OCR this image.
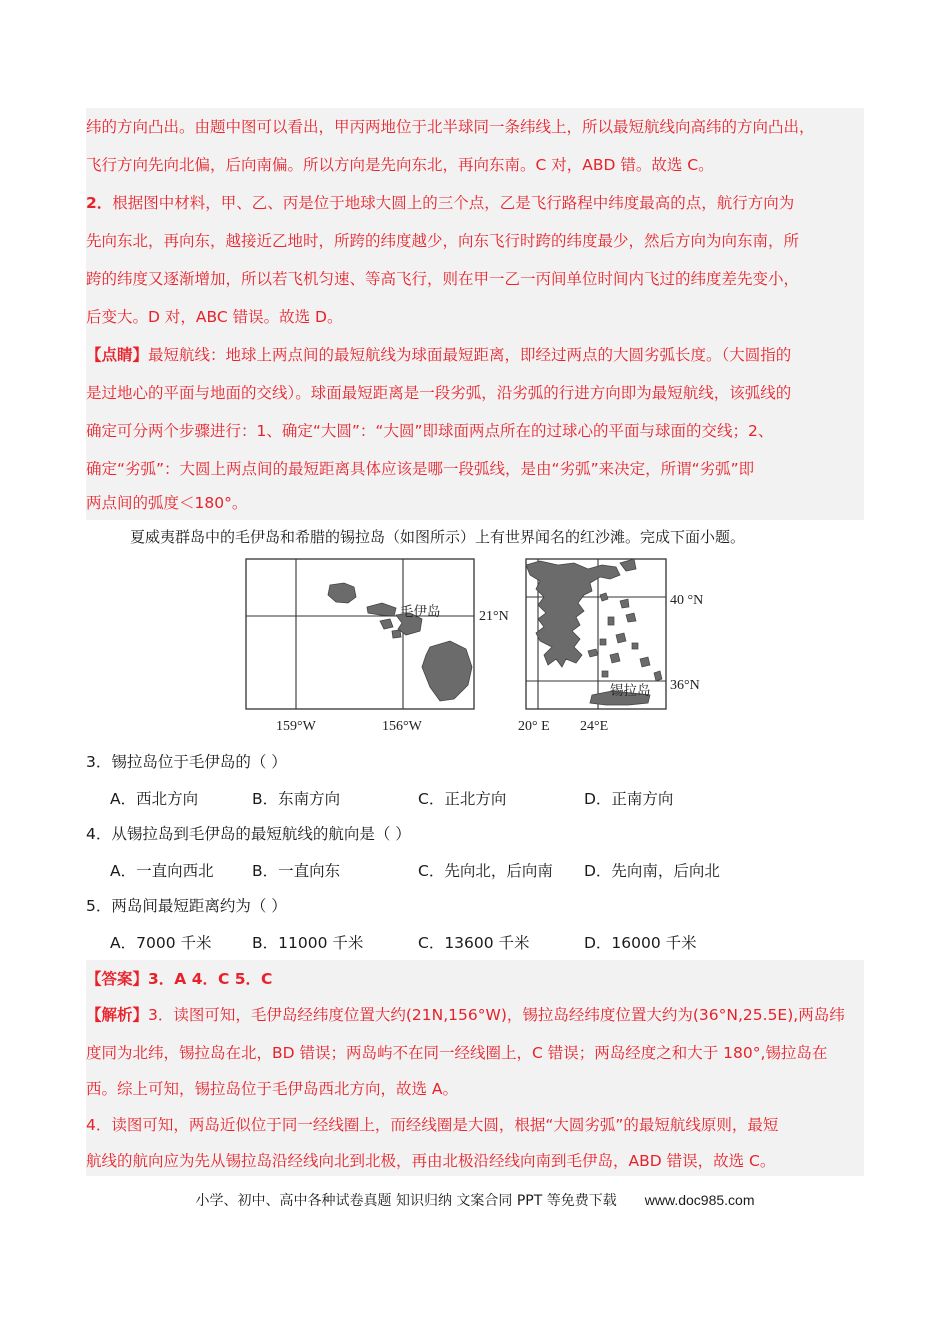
纬的方向凸出。由题中图可以看出，甲丙两地位于北半球同一条纬线上，所以最短航线向高纬的方向凸出，
飞行方向先向北偏，后向南偏。所以方向是先向东北，再向东南。C 对，ABD 错。故选 C。
2．根据图中材料，甲、乙、丙是位于地球大圆上的三个点，乙是飞行路程中纬度最高的点，航行方向为
先向东北，再向东，越接近乙地时，所跨的纬度越少，向东飞行时跨的纬度最少，然后方向为向东南，所
跨的纬度又逐渐增加，所以若飞机匀速、等高飞行，则在甲一乙一丙间单位时间内飞过的纬度差先变小，
后变大。D 对，ABC 错误。故选 D。
【点睛】最短航线：地球上两点间的最短航线为球面最短距离，即经过两点的大圆劣弧长度。（大圆指的
是过地心的平面与地面的交线）。球面最短距离是一段劣弧，沿劣弧的行进方向即为最短航线，该弧线的
确定可分两个步骤进行：1、确定“大圆”：“大圆”即球面两点所在的过球心的平面与球面的交线；2、
确定“劣弧”：大圆上两点间的最短距离具体应该是哪一段弧线，是由“劣弧”来决定，所谓“劣弧”即
两点间的弧度＜180°。
夏威夷群岛中的毛伊岛和希腊的锡拉岛（如图所示）上有世界闻名的红沙滩。完成下面小题。
毛伊岛	21°N
159°W	156°W
锡拉岛
40 °N
36°N
20° E 24°E
3．锡拉岛位于毛伊岛的（ ）
A．西北方向	B．东南方向	C．正北方向	D．正南方向
4．从锡拉岛到毛伊岛的最短航线的航向是（ ）
A．一直向西北 B．一直向东	C．先向北，后向南 D．先向南，后向北
5．两岛间最短距离约为（ ）
A．7000 千米	B．11000 千米	C．13600 千米	D．16000 千米
【答案】3．A 4．C 5．C
【解析】3．读图可知，毛伊岛经纬度位置大约(21N,156°W)，锡拉岛经纬度位置大约为(36°N,25.5E),两岛纬
度同为北纬，锡拉岛在北，BD 错误；两岛屿不在同一经线圈上，C 错误；两岛经度之和大于 180°,锡拉岛在
西。综上可知，锡拉岛位于毛伊岛西北方向，故选 A。
4．读图可知，两岛近似位于同一经线圈上，而经线圈是大圆，根据“大圆劣弧”的最短航线原则，最短
航线的航向应为先从锡拉岛沿经线向北到北极，再由北极沿经线向南到毛伊岛，ABD 错误，故选 C。
小学、初中、高中各种试卷真题 知识归纳 文案合同 PPT 等免费下载 www.doc985.com
